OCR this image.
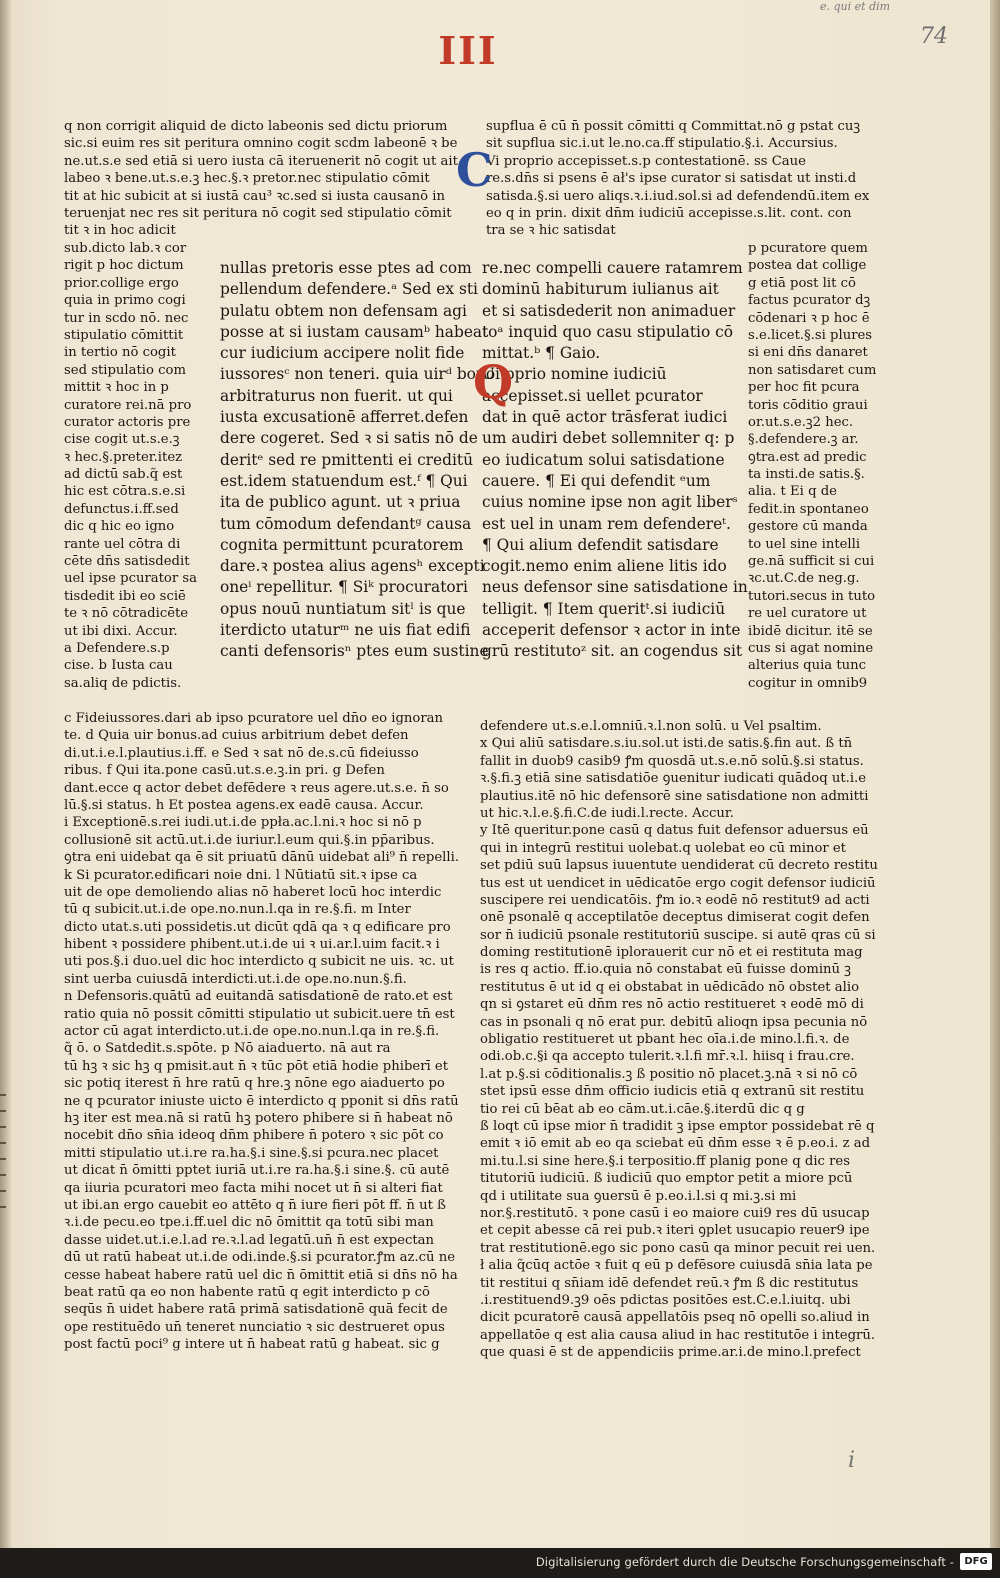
e. qui et dim
III	74
q non corrigit aliquid de dicto labeonis sed dictu priorum
sic.si euim res sit peritura omnino cogit scdm labeonē ꝛ be
ne.ut.s.e sed etiā si uero iusta cā iteruenerit nō cogit ut ait
labeo ꝛ bene.ut.s.e.ꝫ hec.§.ꝛ pretor.nec stipulatio cōmit
tit at hic subicit at si iustā cau³ ꝛc.sed si iusta causanō in
teruenjat nec res sit peritura nō cogit sed stipulatio cōmit
tit ꝛ in hoc adicit
sub.dicto lab.ꝛ cor
rigit p hoc dictum
prior.collige ergo
quia in primo cogi
tur in scdo nō. nec
stipulatio cōmittit
in tertio nō cogit
sed stipulatio com
mittit ꝛ hoc in p
curatore rei.nā pro
curator actoris pre
cise cogit ut.s.e.ꝫ
ꝛ hec.§.preter.itez
ad dictū sab.q̃ est
hic est cōtra.s.e.si
defunctus.i.ff.sed
dic q hic eo igno
rante uel cōtra di
cēte dn̄s satisdedit
uel ipse pcurator sa
tisdedit ibi eo sciē
te ꝛ nō cōtradicēte
ut ibi dixi. Accur.
a Defendere.s.p
cise. b Iusta cau
sa.aliq de pdictis.
nullas pretoris esse ptes ad com
pellendum defendere.ᵃ Sed ex sti
pulatu obtem non defensam agi
posse at si iustam causamᵇ habeat
cur iudicium accipere nolit fide
iussoresᶜ non teneri. quia uirᵈ bono
arbitraturus non fuerit. ut qui
iusta excusationē afferret.defen
dere cogeret. Sed ꝛ si satis nō de
deritᵉ sed re pmittenti ei creditū
est.idem statuendum est.ᶠ ¶ Qui
ita de publico agunt. ut ꝛ priua
tum cōmodum defendantᵍ causa
cognita permittunt pcuratorem
dare.ꝛ postea alius agensʰ excepti
oneⁱ repellitur. ¶ Siᵏ procuratori
opus nouū nuntiatum sitˡ is que
iterdicto utaturᵐ ne uis fiat edifi
canti defensorisⁿ ptes eum sustine
supflua ē cū n̄ possit cōmitti q Committat.nō g pstat cuꝫ
sit supflua sic.i.ut le.no.ca.ff stipulatio.§.i. Accursius.
Vi proprio accepisset.s.p contestationē. ss Caue
re.s.dn̄s si psens ē ał's ipse curator si satisdat ut insti.d
satisda.§.si uero aliqs.ꝛ.i.iud.sol.si ad defendendū.item ex
eo q in prin. dixit dn̄m iudiciū accepisse.s.lit. cont. con
tra se ꝛ hic satisdat
C
re.nec compelli cauere ratamrem
dominū habiturum iulianus ait
et si satisdederit non animaduer
toᵃ inquid quo casu stipulatio cō
mittat.ᵇ ¶ Gaio.
Ui pprio nomine iudiciū
accepisset.si uellet pcurator
dat in quē actor trāsferat iudici
um audiri debet sollemniter q: p
eo iudicatum solui satisdatione
cauere. ¶ Ei qui defendit ᵉum
cuius nomine ipse non agit liberˢ
est uel in unam rem defendereᵗ.
¶ Qui alium defendit satisdare
cogit.nemo enim aliene litis ido
neus defensor sine satisdatione in
telligit. ¶ Item queritᵗ.si iudiciū
acceperit defensor ꝛ actor in inte
grū restitutoᶻ sit. an cogendus sit
Q
p pcuratore quem
postea dat collige
g etiā post lit cō
factus pcurator dꝫ
cōdenari ꝛ p hoc ē
s.e.licet.§.si plures
si eni dn̄s danaret
non satisdaret cum
per hoc fit pcura
toris cōditio graui
or.ut.s.e.ꝫ2 hec.
§.defendere.ꝫ ar.
ꝯtra.est ad predic
ta insti.de satis.§.
alia. t Ei q de
fedit.in spontaneo
gestore cū manda
to uel sine intelli
ge.nā sufficit si cui
ꝛc.ut.C.de neg.g.
tutori.secus in tuto
re uel curatore ut
ibidē dicitur. itē se
cus si agat nomine
alterius quia tunc
cogitur in omnib9
c Fideiussores.dari ab ipso pcuratore uel dn̄o eo ignoran
te. d Quia uir bonus.ad cuius arbitrium debet defen
di.ut.i.e.l.plautius.i.ff. e Sed ꝛ sat nō de.s.cū fideiusso
ribus. f Qui ita.pone casū.ut.s.e.ꝫ.in pri. g Defen
dant.ecce q actor debet defēdere ꝛ reus agere.ut.s.e. n̄ so
lū.§.si status. h Et postea agens.ex eadē causa. Accur.
i Exceptionē.s.rei iudi.ut.i.de ppła.ac.l.ni.ꝛ hoc si nō p
collusionē sit actū.ut.i.de iuriur.l.eum qui.§.in pp̄aribus.
ꝯtra eni uidebat qa ē sit priuatū dānū uidebat ali⁹ n̄ repelli.
k Si pcurator.edificari noie dni. l Nūtiatū sit.ꝛ ipse ca
uit de ope demoliendo alias nō haberet locū hoc interdic
tū q subicit.ut.i.de ope.no.nun.l.qa in re.§.fi. m Inter
dicto utat.s.uti possidetis.ut dicūt qdā qa ꝛ q edificare pro
hibent ꝛ possidere phibent.ut.i.de ui ꝛ ui.ar.l.uim facit.ꝛ i
uti pos.§.i duo.uel dic hoc interdicto q subicit ne uis. ꝛc. ut
sint uerba cuiusdā interdicti.ut.i.de ope.no.nun.§.fi.
n Defensoris.quātū ad euitandā satisdationē de rato.et est
ratio quia nō possit cōmitti stipulatio ut subicit.uere tn̄ est
actor cū agat interdicto.ut.i.de ope.no.nun.l.qa in re.§.fi.
q̃ ō. o Satdedit.s.spōte. p Nō aiaduerto. nā aut ra
tū hꝫ ꝛ sic hꝫ q pmisit.aut n̄ ꝛ tūc pōt etiā hodie phiberī et
sic potiq iterest n̄ hre ratū q hre.ꝫ nōne ego aiaduerto po
ne q pcurator iniuste uicto ē interdicto q pponit si dn̄s ratū
hꝫ iter est mea.nā si ratū hꝫ potero phibere si n̄ habeat nō
nocebit dn̄o sn̄ia ideoq dn̄m phibere n̄ potero ꝛ sic pōt co
mitti stipulatio ut.i.re ra.ha.§.i sine.§.si pcura.nec placet
ut dicat n̄ ōmitti pptet iuriā ut.i.re ra.ha.§.i sine.§. cū autē
qa iiuria pcuratori meo facta mihi nocet ut n̄ si alteri fiat
ut ibi.an ergo cauebit eo attēto q n̄ iure fieri pōt ff. n̄ ut ß
ꝛ.i.de pecu.eo tpe.i.ff.uel dic nō ōmittit qa totū sibi man
dasse uidet.ut.i.e.l.ad re.ꝛ.l.ad legatū.un̄ n̄ est expectan
dū ut ratū habeat ut.i.de odi.inde.§.si pcurator.ꝭm az.cū ne
cesse habeat habere ratū uel dic n̄ ōmittit etiā si dn̄s nō ha
beat ratū qa eo non habente ratū q egit interdicto p cō
seqūs n̄ uidet habere ratā primā satisdationē quā fecit de
ope restituēdo un̄ teneret nunciatio ꝛ sic destrueret opus
post factū poci⁹ g intere ut n̄ habeat ratū g habeat. sic g
defendere ut.s.e.l.omniū.ꝛ.l.non solū. u Vel psaltim.
x Qui aliū satisdare.s.iu.sol.ut isti.de satis.§.fin aut. ß tn̄
fallit in duob9 casib9 ꝭm quosdā ut.s.e.nō solū.§.si status.
ꝛ.§.fi.ꝫ etiā sine satisdatiōe ꝯuenitur iudicati quādoq ut.i.e
plautius.itē nō hic defensorē sine satisdatione non admitti
ut hic.ꝛ.l.e.§.fi.C.de iudi.l.recte. Accur.
y Itē queritur.pone casū q datus fuit defensor aduersus eū
qui in integrū restitui uolebat.q uolebat eo cū minor et
set pdiū suū lapsus iuuentute uendiderat cū decreto restitu
tus est ut uendicet in uēdicatōe ergo cogit defensor iudiciū
suscipere rei uendicatōis. ꝭm io.ꝛ eodē nō restitut9 ad acti
onē psonalē q acceptilatōe deceptus dimiserat cogit defen
sor n̄ iudiciū psonale restitutoriū suscipe. si autē qras cū si
doming restitutionē iplorauerit cur nō et ei restituta mag
is res q actio. ff.io.quia nō constabat eū fuisse dominū ꝫ
restitutus ē ut id q ei obstabat in uēdicādo nō obstet alio
qn si ꝯstaret eū dn̄m res nō actio restitueret ꝛ eodē mō di
cas in psonali q nō erat pur. debitū alioqn ipsa pecunia nō
obligatio restitueret ut pbant hec oīa.i.de mino.l.fi.ꝛ. de
odi.ob.c.§i qa accepto tulerit.ꝛ.l.fi mr̄.ꝛ.l. hiisq i frau.cre.
l.at p.§.si cōditionalis.ꝫ ß positio nō placet.ꝫ.nā ꝛ si nō cō
stet ipsū esse dn̄m officio iudicis etiā q extranū sit restitu
tio rei cū bēat ab eo cām.ut.i.cāe.§.iterdū dic q g
ß loqt cū ipse mior n̄ tradidit ꝫ ipse emptor possidebat rē q
emit ꝛ iō emit ab eo qa sciebat eū dn̄m esse ꝛ ē p.eo.i. z ad
mi.tu.l.si sine here.§.i terpositio.ff planig pone q dic res
titutoriū iudiciū. ß iudiciū quo emptor petit a miore pcū
qd i utilitate sua ꝯuersū ē p.eo.i.l.si q mi.ꝫ.si mi
nor.§.restitutō. ꝛ pone casū i eo maiore cui9 res dū usucap
et cepit abesse cā rei pub.ꝛ iteri ꝯplet usucapio reuer9 ipe
trat restitutionē.ego sic pono casū qa minor pecuit rei uen.
ł alia q̃cūq actōe ꝛ fuit q eū p defēsore cuiusdā sn̄ia lata pe
tit restitui q sn̄iam idē defendet reū.ꝛ ꝭm ß dic restitutus
.i.restituend9.ꝫ9 oēs pdictas positōes est.C.e.l.iuitq. ubi
dicit pcuratorē causā appellatōis pseq nō opelli so.aliud in
appellatōe q est alia causa aliud in hac restitutōe i integrū.
que quasi ē st de appendiciis prime.ar.i.de mino.l.prefect
i
Digitalisierung gefördert durch die Deutsche Forschungsgemeinschaft -	DFG
